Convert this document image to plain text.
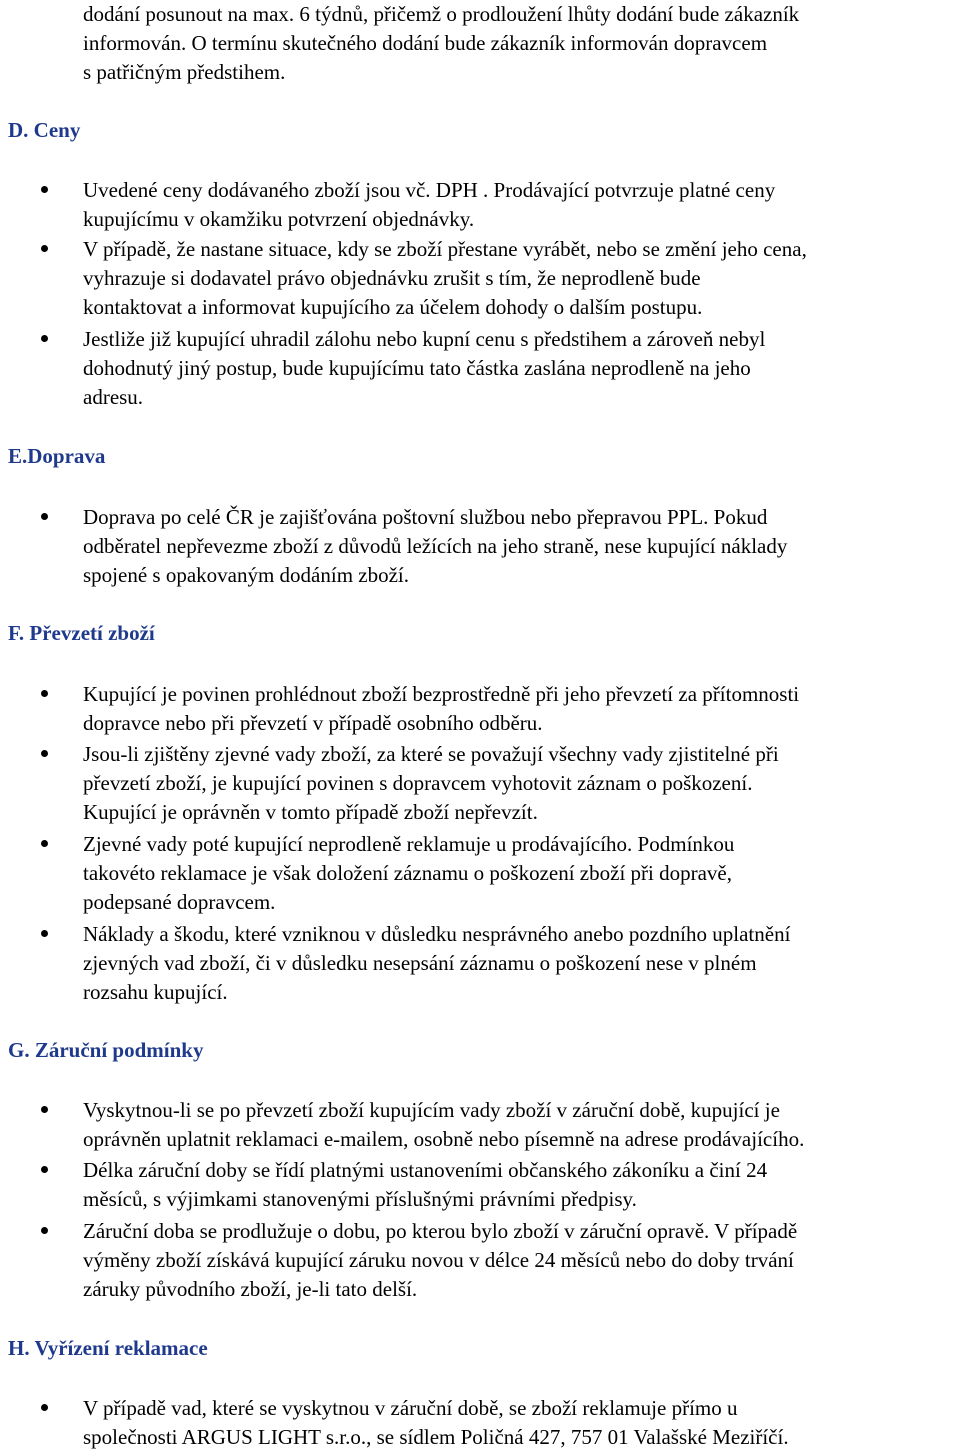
dodání posunout na max. 6 týdnů, přičemž o prodloužení lhůty dodání bude zákazník
informován. O termínu skutečného dodání bude zákazník informován dopravcem
s patřičným předstihem.
D. Ceny
Uvedené ceny dodávaného zboží jsou vč. DPH . Prodávající potvrzuje platné ceny
kupujícímu v okamžiku potvrzení objednávky.
V případě, že nastane situace, kdy se zboží přestane vyrábět, nebo se změní jeho cena,
vyhrazuje si dodavatel právo objednávku zrušit s tím, že neprodleně bude
kontaktovat a informovat kupujícího za účelem dohody o dalším postupu.
Jestliže již kupující uhradil zálohu nebo kupní cenu s předstihem a zároveň nebyl
dohodnutý jiný postup, bude kupujícímu tato částka zaslána neprodleně na jeho
adresu.
E.Doprava
Doprava po celé ČR je zajišťována poštovní službou nebo přepravou PPL. Pokud
odběratel nepřevezme zboží z důvodů ležících na jeho straně, nese kupující náklady
spojené s opakovaným dodáním zboží.
F. Převzetí zboží
Kupující je povinen prohlédnout zboží bezprostředně při jeho převzetí za přítomnosti
dopravce nebo při převzetí v případě osobního odběru.
Jsou-li zjištěny zjevné vady zboží, za které se považují všechny vady zjistitelné při
převzetí zboží, je kupující povinen s dopravcem vyhotovit záznam o poškození.
Kupující je oprávněn v tomto případě zboží nepřevzít.
Zjevné vady poté kupující neprodleně reklamuje u prodávajícího. Podmínkou
takovéto reklamace je však doložení záznamu o poškození zboží při dopravě,
podepsané dopravcem.
Náklady a škodu, které vzniknou v důsledku nesprávného anebo pozdního uplatnění
zjevných vad zboží, či v důsledku nesepsání záznamu o poškození nese v plném
rozsahu kupující.
G. Záruční podmínky
Vyskytnou-li se po převzetí zboží kupujícím vady zboží v záruční době, kupující je
oprávněn uplatnit reklamaci e-mailem, osobně nebo písemně na adrese prodávajícího.
Délka záruční doby se řídí platnými ustanoveními občanského zákoníku a činí 24
měsíců, s výjimkami stanovenými příslušnými právními předpisy.
Záruční doba se prodlužuje o dobu, po kterou bylo zboží v záruční opravě. V případě
výměny zboží získává kupující záruku novou v délce 24 měsíců nebo do doby trvání
záruky původního zboží, je-li tato delší.
H. Vyřízení reklamace
V případě vad, které se vyskytnou v záruční době, se zboží reklamuje přímo u
společnosti ARGUS LIGHT s.r.o., se sídlem Poličná 427, 757 01 Valašské Meziříčí.
